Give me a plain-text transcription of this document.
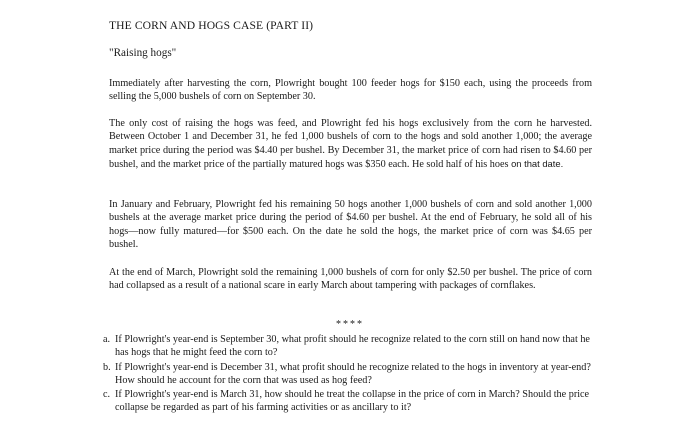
THE CORN AND HOGS CASE (PART II)

"Raising hogs"

Immediately after harvesting the corn, Plowright bought 100 feeder hogs for $150 each, using the proceeds from selling the 5,000 bushels of corn on September 30.

The only cost of raising the hogs was feed, and Plowright fed his hogs exclusively from the corn he harvested. Between October 1 and December 31, he fed 1,000 bushels of corn to the hogs and sold another 1,000; the average market price during the period was $4.40 per bushel. By December 31, the market price of corn had risen to $4.60 per bushel, and the market price of the partially matured hogs was $350 each. He sold half of his hoes on that date.

In January and February, Plowright fed his remaining 50 hogs another 1,000 bushels of corn and sold another 1,000 bushels at the average market price during the period of $4.60 per bushel. At the end of February, he sold all of his hogs—now fully matured—for $500 each. On the date he sold the hogs, the market price of corn was $4.65 per bushel.

At the end of March, Plowright sold the remaining 1,000 bushels of corn for only $2.50 per bushel. The price of corn had collapsed as a result of a national scare in early March about tampering with packages of cornflakes.

****

a. If Plowright's year-end is September 30, what profit should he recognize related to the corn still on hand now that he has hogs that he might feed the corn to?
b. If Plowright's year-end is December 31, what profit should he recognize related to the hogs in inventory at year-end? How should he account for the corn that was used as hog feed?
c. If Plowright's year-end is March 31, how should he treat the collapse in the price of corn in March? Should the price collapse be regarded as part of his farming activities or as ancillary to it?
